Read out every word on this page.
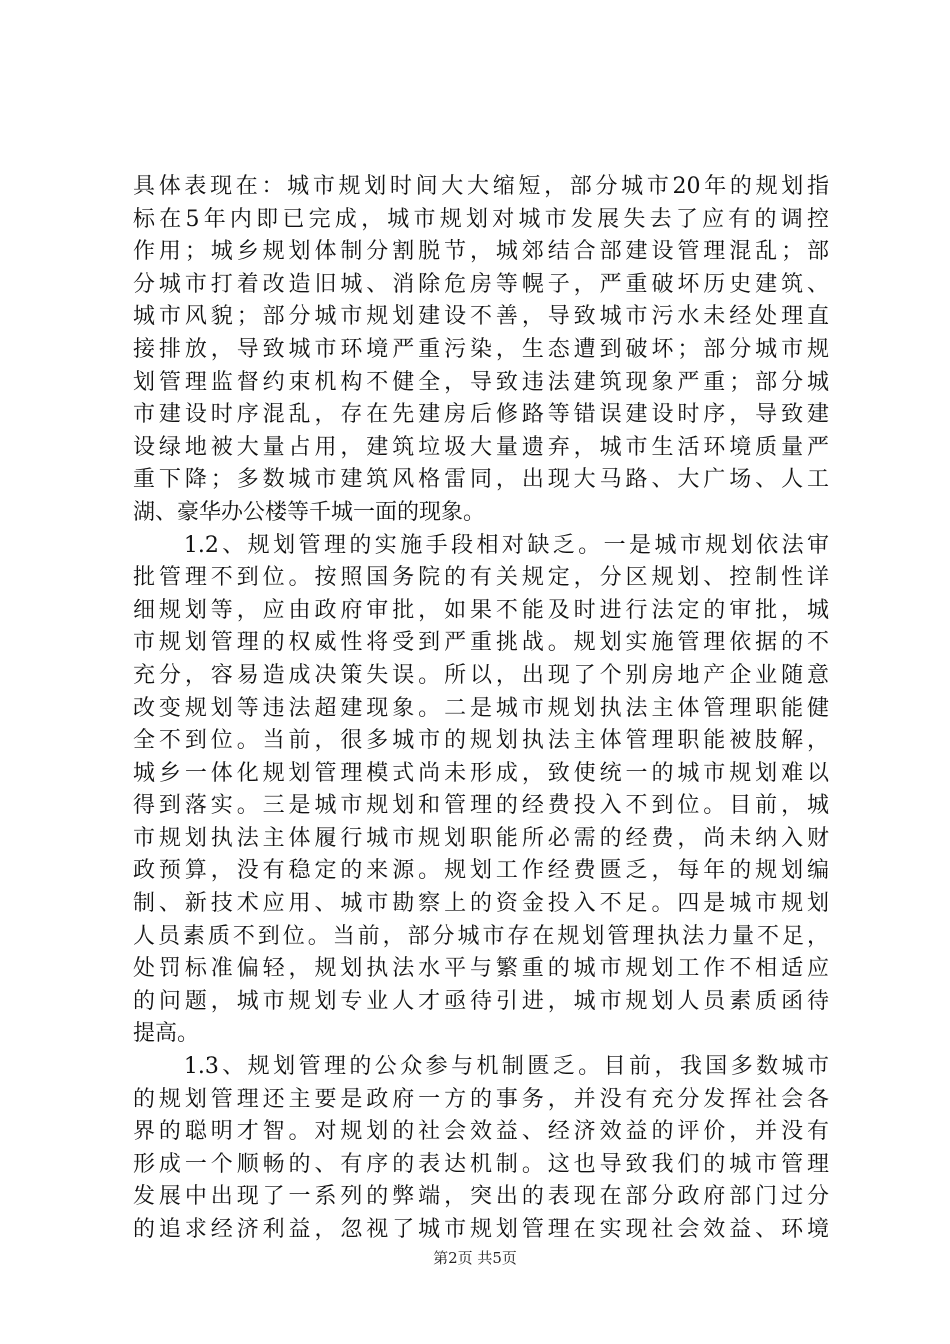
具体表现在：城市规划时间大大缩短，部分城市20年的规划指
标在5年内即已完成，城市规划对城市发展失去了应有的调控
作用；城乡规划体制分割脱节，城郊结合部建设管理混乱；部
分城市打着改造旧城、消除危房等幌子，严重破坏历史建筑、
城市风貌；部分城市规划建设不善，导致城市污水未经处理直
接排放，导致城市环境严重污染，生态遭到破坏；部分城市规
划管理监督约束机构不健全，导致违法建筑现象严重；部分城
市建设时序混乱，存在先建房后修路等错误建设时序，导致建
设绿地被大量占用，建筑垃圾大量遗弃，城市生活环境质量严
重下降；多数城市建筑风格雷同，出现大马路、大广场、人工
湖、豪华办公楼等千城一面的现象。
　　1.2、规划管理的实施手段相对缺乏。一是城市规划依法审
批管理不到位。按照国务院的有关规定，分区规划、控制性详
细规划等，应由政府审批，如果不能及时进行法定的审批，城
市规划管理的权威性将受到严重挑战。规划实施管理依据的不
充分，容易造成决策失误。所以，出现了个别房地产企业随意
改变规划等违法超建现象。二是城市规划执法主体管理职能健
全不到位。当前，很多城市的规划执法主体管理职能被肢解，
城乡一体化规划管理模式尚未形成，致使统一的城市规划难以
得到落实。三是城市规划和管理的经费投入不到位。目前，城
市规划执法主体履行城市规划职能所必需的经费，尚未纳入财
政预算，没有稳定的来源。规划工作经费匮乏，每年的规划编
制、新技术应用、城市勘察上的资金投入不足。四是城市规划
人员素质不到位。当前，部分城市存在规划管理执法力量不足，
处罚标准偏轻，规划执法水平与繁重的城市规划工作不相适应
的问题，城市规划专业人才亟待引进，城市规划人员素质函待
提高。
　　1.3、规划管理的公众参与机制匮乏。目前，我国多数城市
的规划管理还主要是政府一方的事务，并没有充分发挥社会各
界的聪明才智。对规划的社会效益、经济效益的评价，并没有
形成一个顺畅的、有序的表达机制。这也导致我们的城市管理
发展中出现了一系列的弊端，突出的表现在部分政府部门过分
的追求经济利益，忽视了城市规划管理在实现社会效益、环境
第2页 共5页
